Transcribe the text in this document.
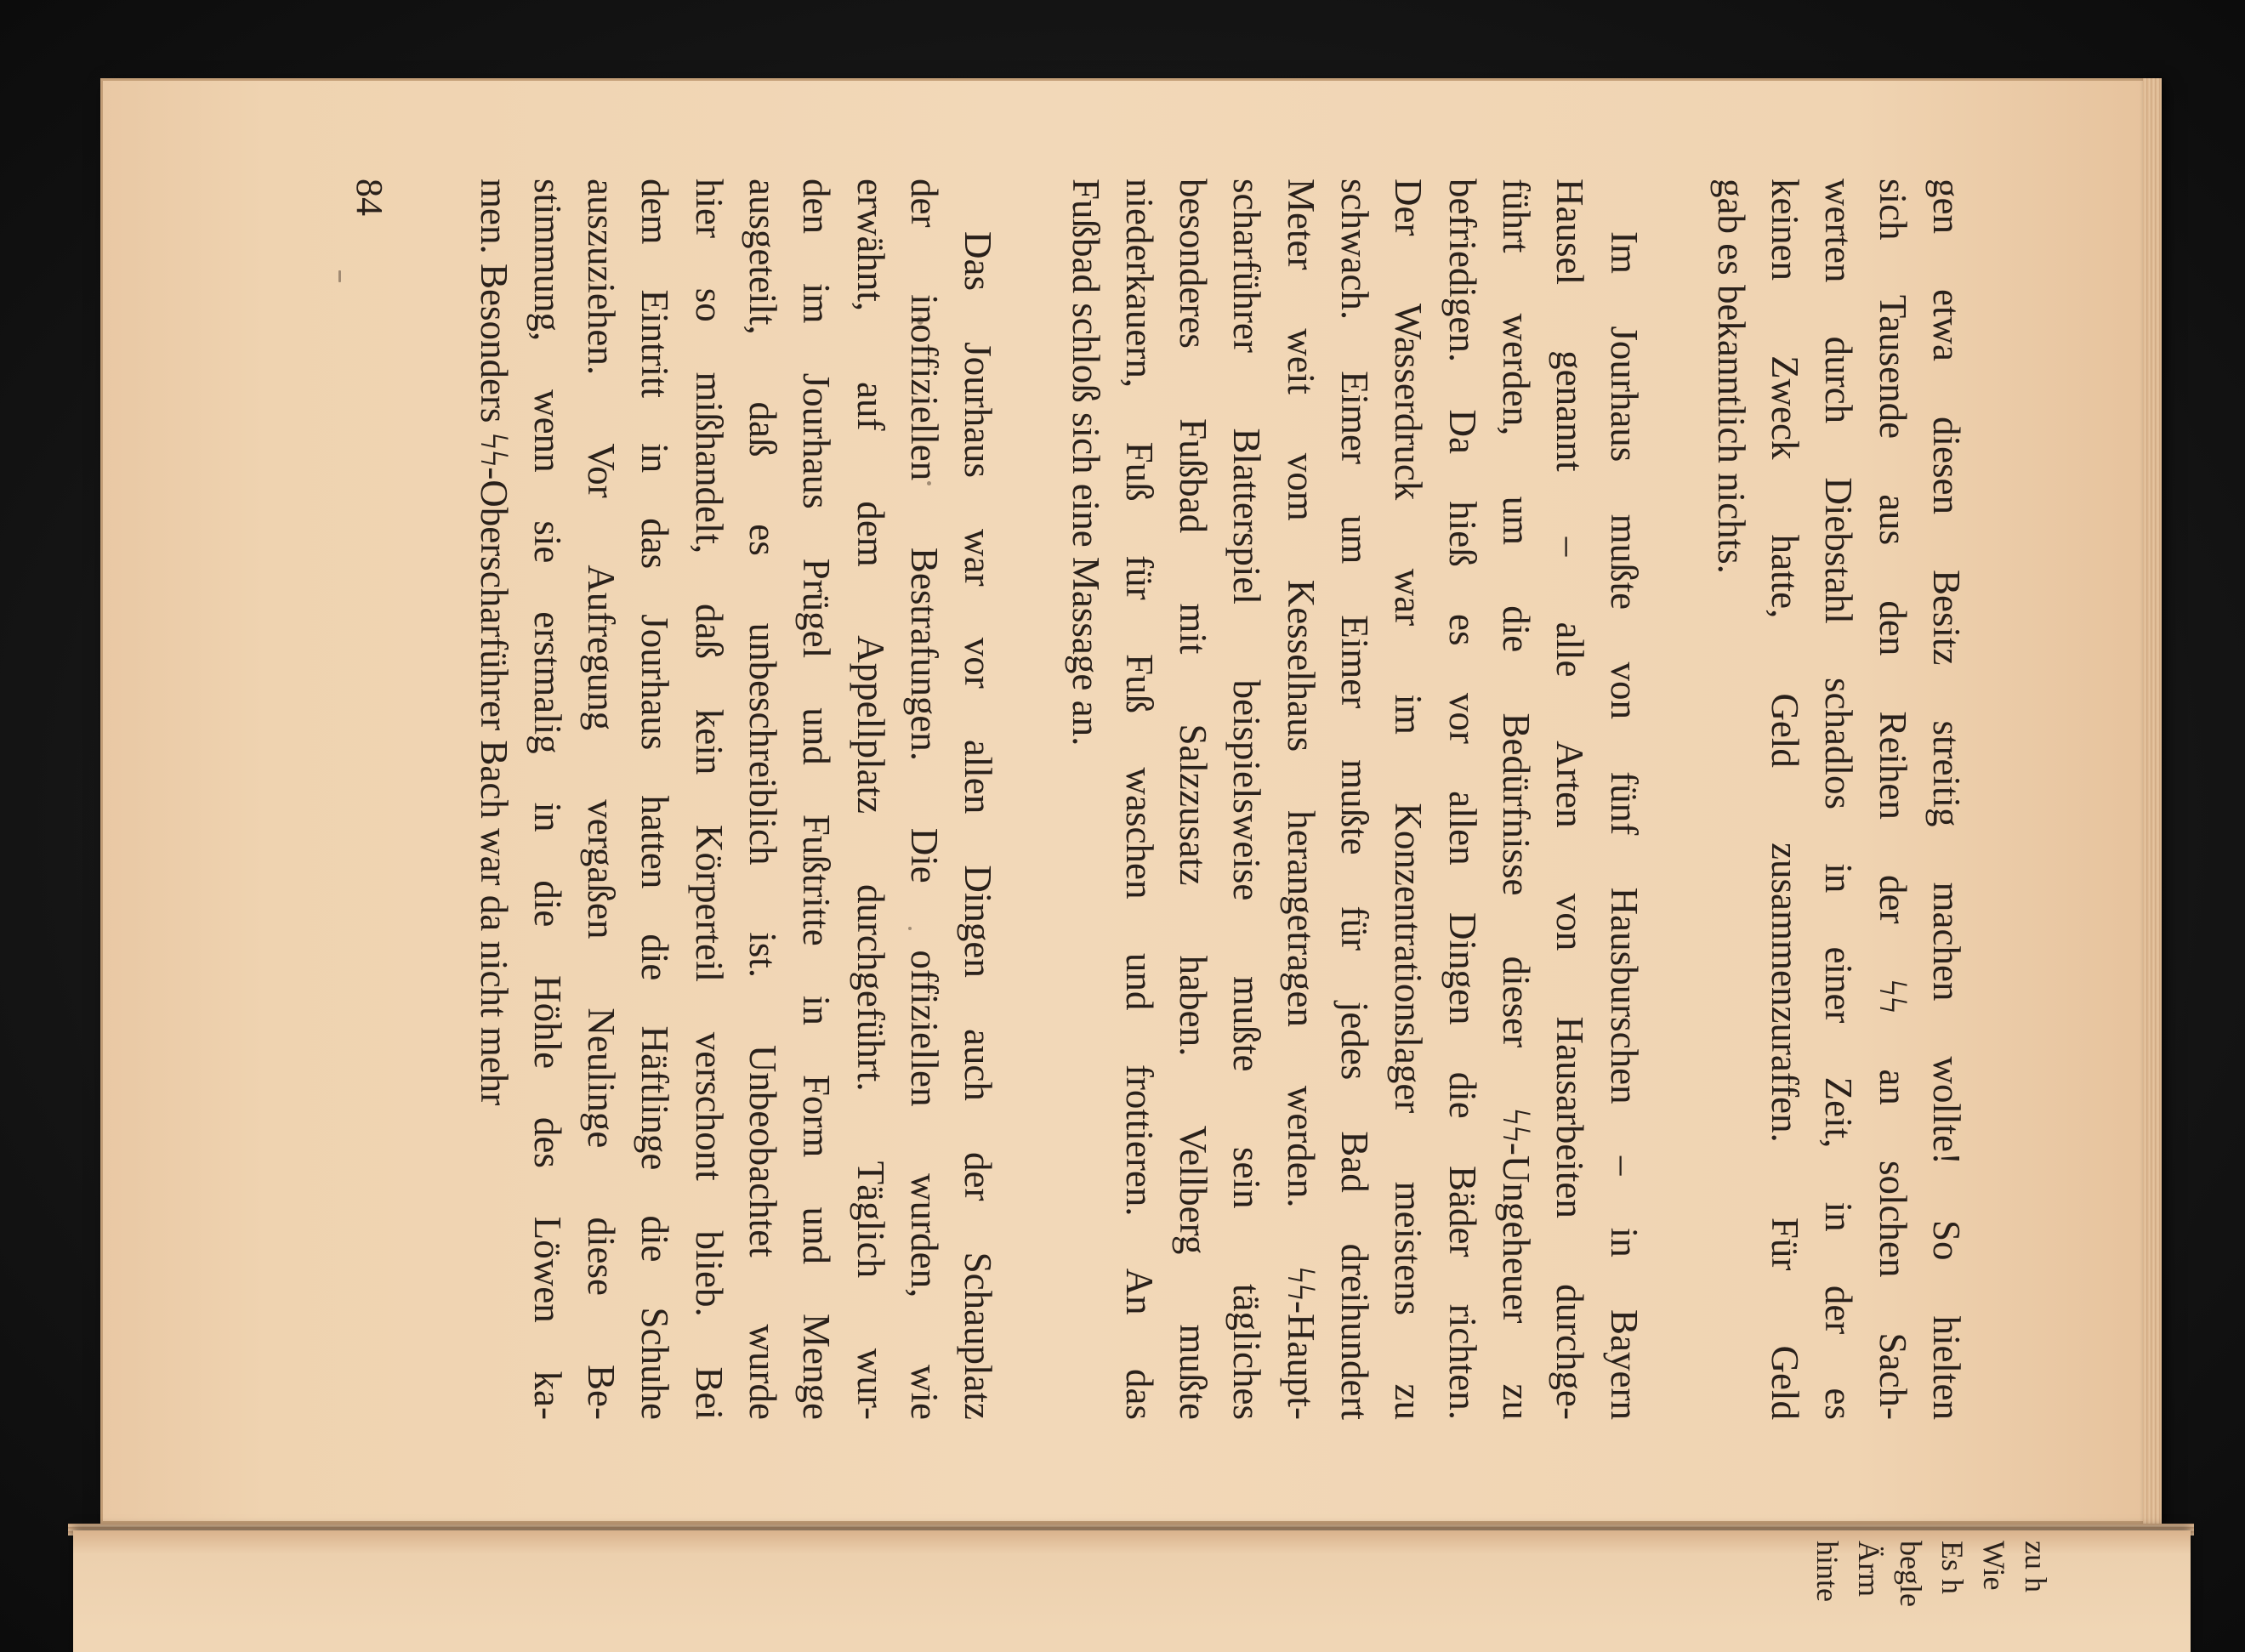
gen etwa diesen Besitz streitig machen wollte! So hielten
sich Tausende aus den Reihen der ϟϟ an solchen Sach-
werten durch Diebstahl schadlos in einer Zeit, in der es
keinen Zweck hatte, Geld zusammenzuraffen. Für Geld
gab es bekanntlich nichts.
Im Jourhaus mußte von fünf Hausburschen – in Bayern
Hausel genannt – alle Arten von Hausarbeiten durchge-
führt werden, um die Bedürfnisse dieser ϟϟ-Ungeheuer zu
befriedigen. Da hieß es vor allen Dingen die Bäder richten.
Der Wasserdruck war im Konzentrationslager meistens zu
schwach. Eimer um Eimer mußte für jedes Bad dreihundert
Meter weit vom Kesselhaus herangetragen werden. ϟϟ-Haupt-
scharführer Blatterspiel beispielsweise mußte sein tägliches
besonderes Fußbad mit Salzzusatz haben. Vellberg mußte
niederkauern, Fuß für Fuß waschen und frottieren. An das
Fußbad schloß sich eine Massage an.
Das Jourhaus war vor allen Dingen auch der Schauplatz
der inoffiziellen Bestrafungen. Die offiziellen wurden, wie
erwähnt, auf dem Appellplatz durchgeführt. Täglich wur-
den im Jourhaus Prügel und Fußtritte in Form und Menge
ausgeteilt, daß es unbeschreiblich ist. Unbeobachtet wurde
hier so mißhandelt, daß kein Körperteil verschont blieb. Bei
dem Eintritt in das Jourhaus hatten die Häftlinge die Schuhe
auszuziehen. Vor Aufregung vergaßen Neulinge diese Be-
stimmung, wenn sie erstmalig in die Höhle des Löwen ka-
men. Besonders ϟϟ-Oberscharführer Bach war da nicht mehr
84
zu h
Wie
Es h
begle
Ärm
hinte
